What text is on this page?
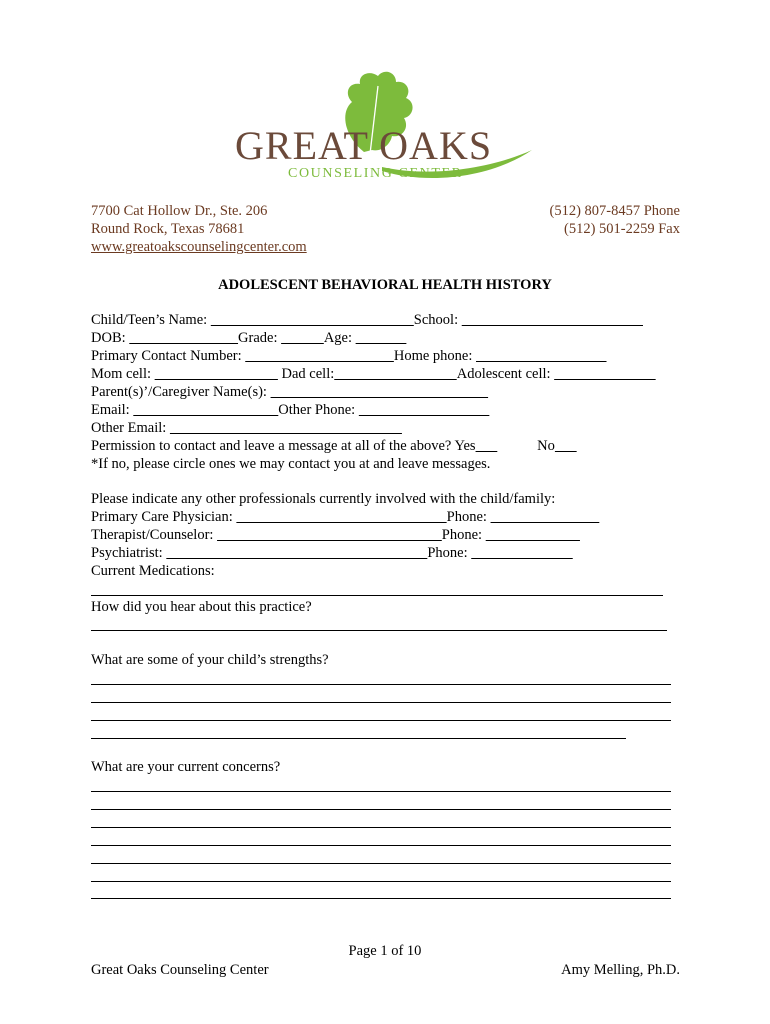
GREAT OAKS
COUNSELING CENTER
7700 Cat Hollow Dr., Ste. 206
Round Rock, Texas 78681
www.greatoakscounselingcenter.com
(512) 807-8457 Phone
(512) 501-2259 Fax
ADOLESCENT BEHAVIORAL HEALTH HISTORY
Child/Teen’s Name:	School:
DOB:	Grade:	Age:
Primary Contact Number:	Home phone:
Mom cell:	Dad cell:	Adolescent cell:
Parent(s)’/Caregiver Name(s):
Email:	Other Phone:
Other Email:
Permission to contact and leave a message at all of the above? Yes	No
*If no, please circle ones we may contact you at and leave messages.
Please indicate any other professionals currently involved with the child/family:
Primary Care Physician:	Phone:
Therapist/Counselor:	Phone:
Psychiatrist:	Phone:
Current Medications:
How did you hear about this practice?
What are some of your child’s strengths?
What are your current concerns?
Page 1 of 10
Great Oaks Counseling Center	Amy Melling, Ph.D.
